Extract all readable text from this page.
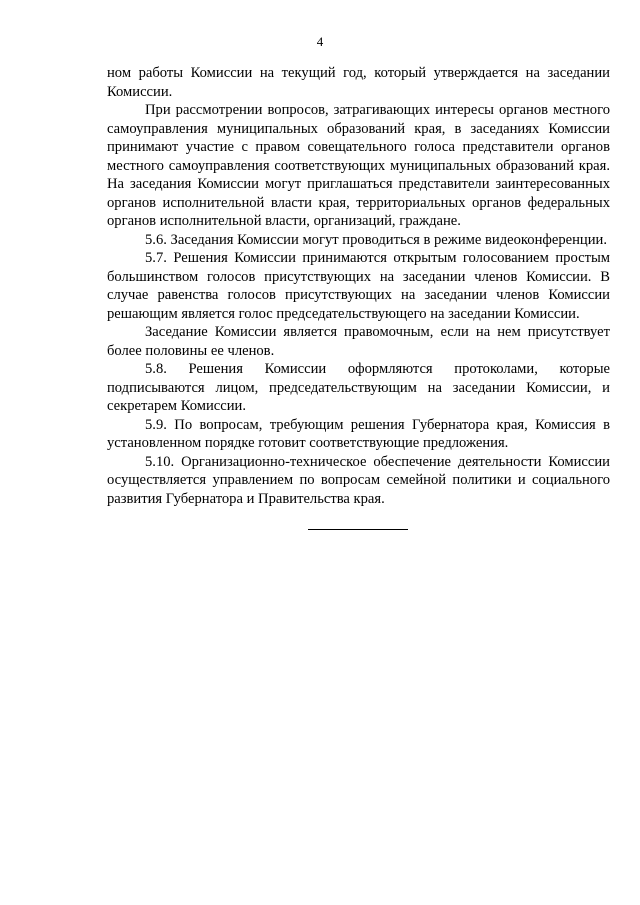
4

ном работы Комиссии на текущий год, который утверждается на заседании Комиссии.

При рассмотрении вопросов, затрагивающих интересы органов местного самоуправления муниципальных образований края, в заседаниях Комиссии принимают участие с правом совещательного голоса представители органов местного самоуправления соответствующих муниципальных образований края. На заседания Комиссии могут приглашаться представители заинтересованных органов исполнительной власти края, территориальных органов федеральных органов исполнительной власти, организаций, граждане.

5.6. Заседания Комиссии могут проводиться в режиме видеоконференции.

5.7. Решения Комиссии принимаются открытым голосованием простым большинством голосов присутствующих на заседании членов Комиссии. В случае равенства голосов присутствующих на заседании членов Комиссии решающим является голос председательствующего на заседании Комиссии.

Заседание Комиссии является правомочным, если на нем присутствует более половины ее членов.

5.8. Решения Комиссии оформляются протоколами, которые подписываются лицом, председательствующим на заседании Комиссии, и секретарем Комиссии.

5.9. По вопросам, требующим решения Губернатора края, Комиссия в установленном порядке готовит соответствующие предложения.

5.10. Организационно-техническое обеспечение деятельности Комиссии осуществляется управлением по вопросам семейной политики и социального развития Губернатора и Правительства края.
